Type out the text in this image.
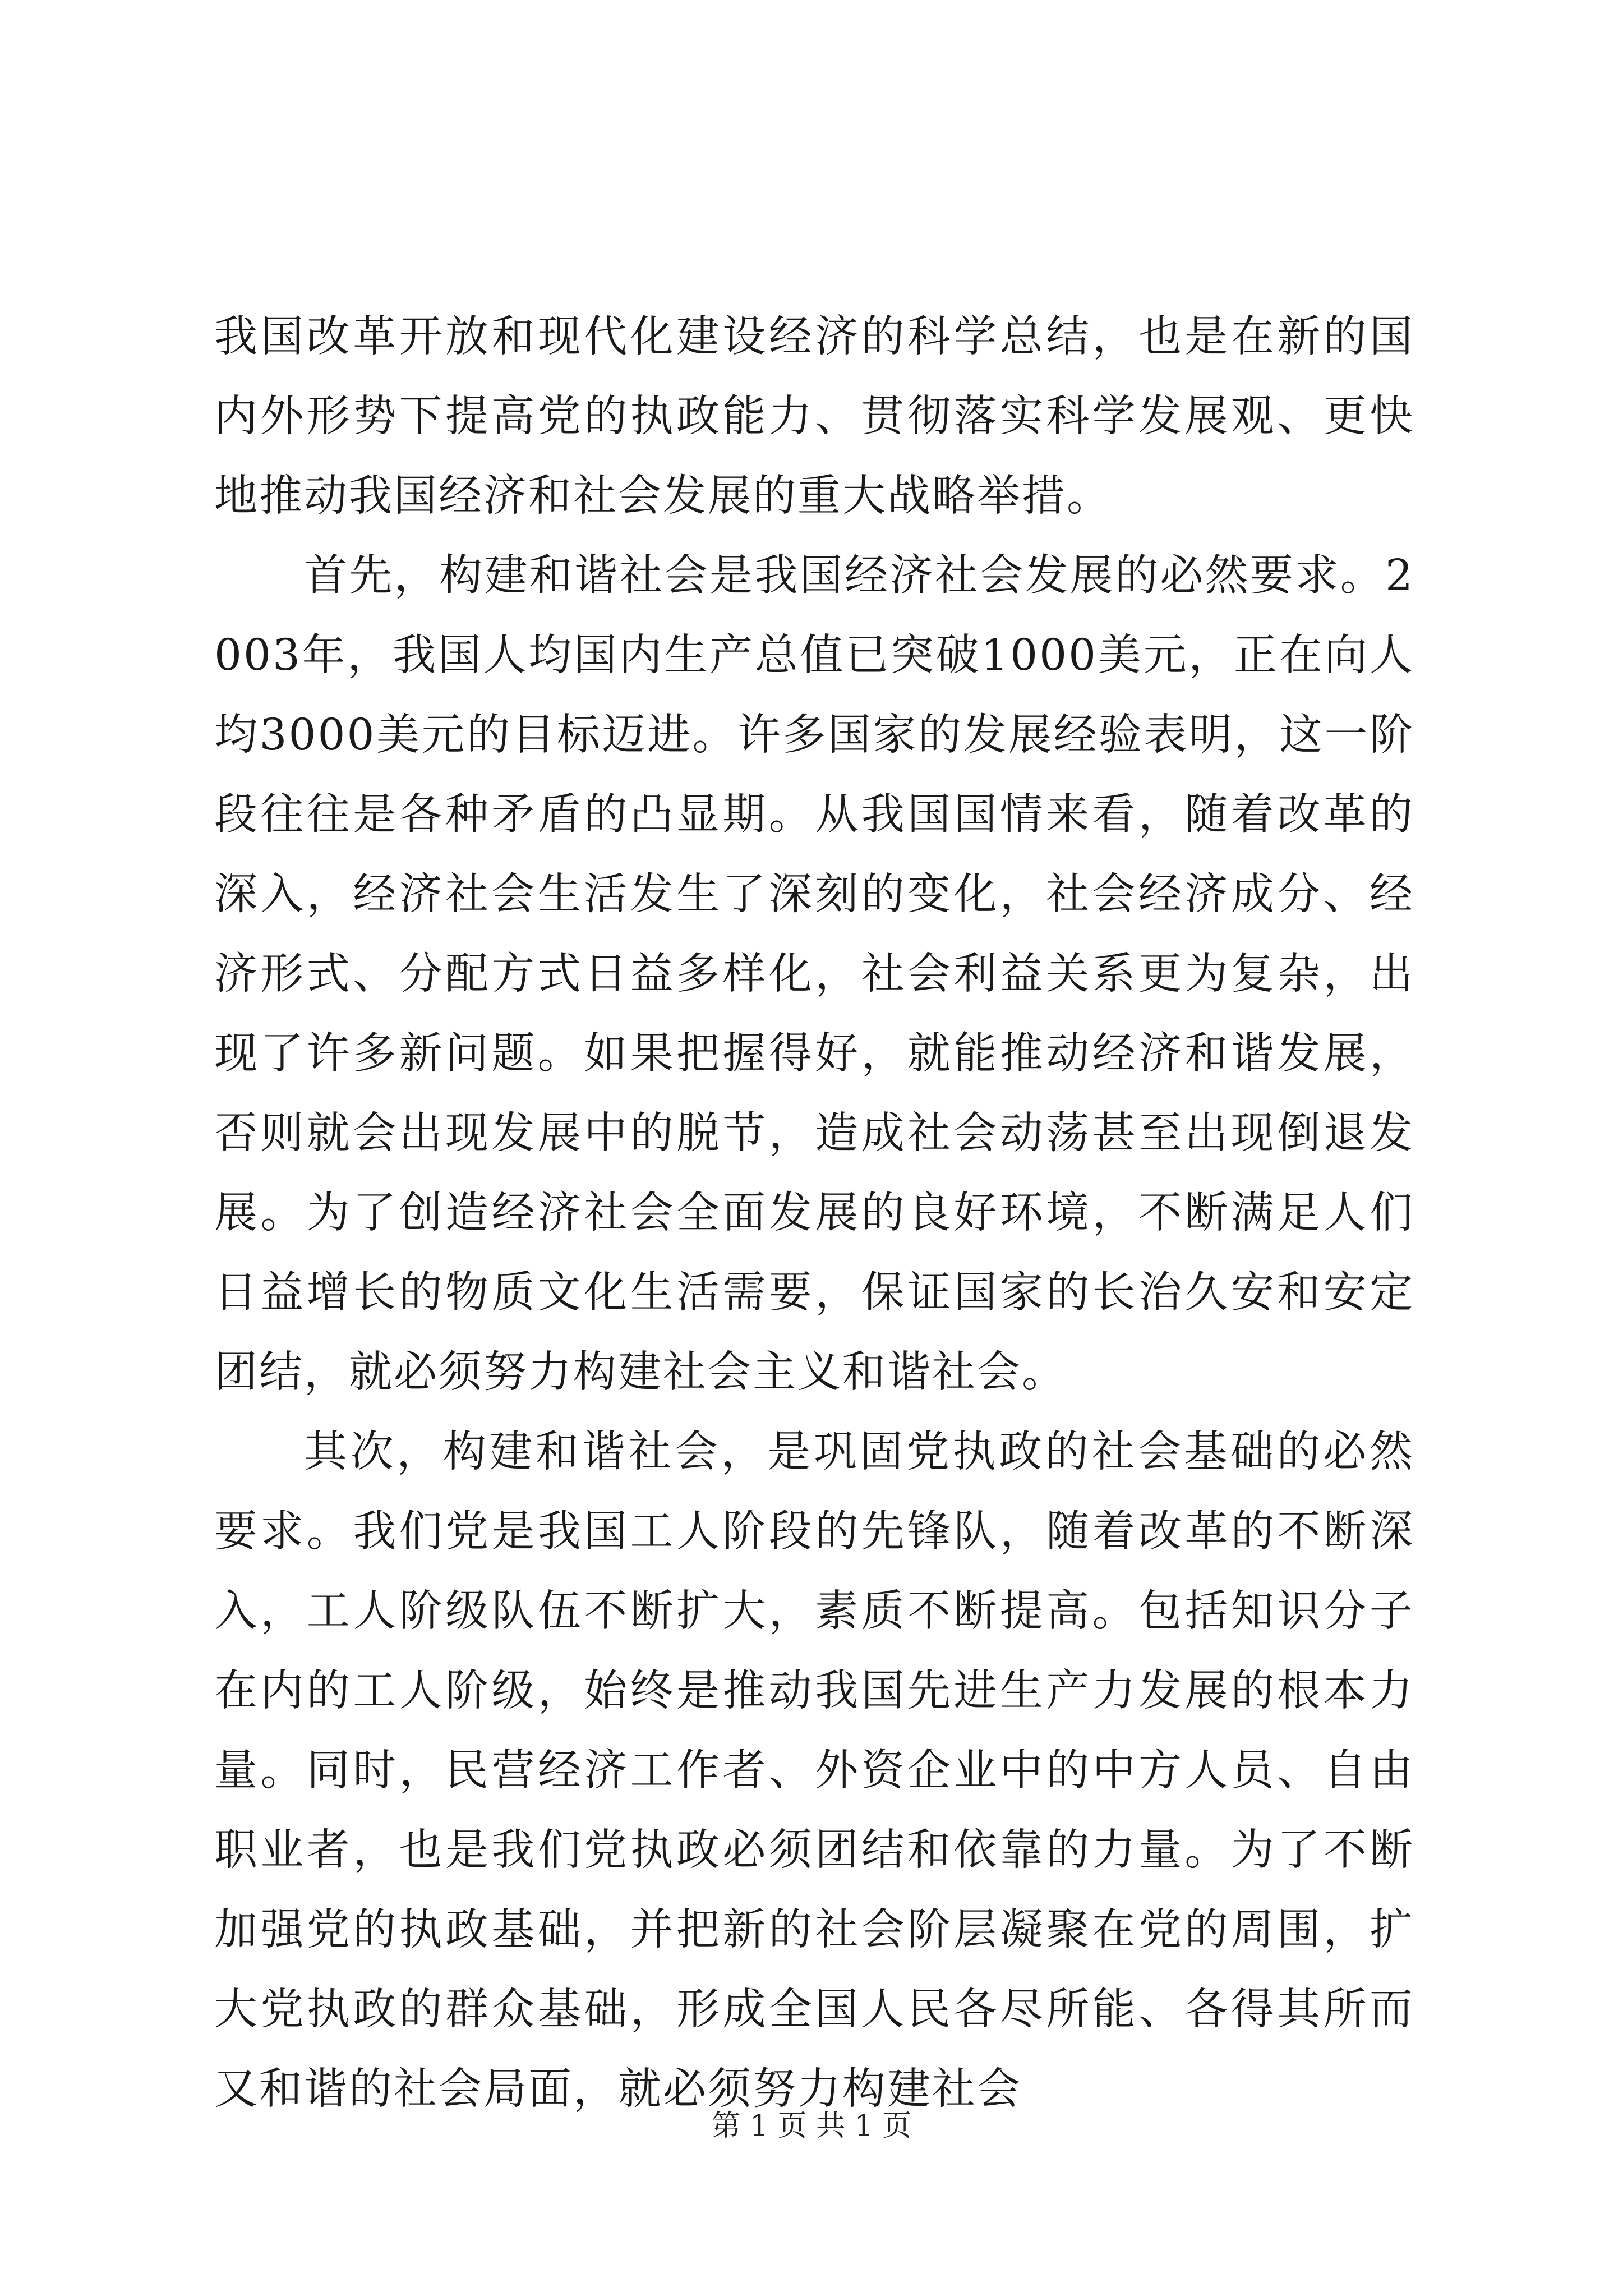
我国改革开放和现代化建设经济的科学总结，也是在新的国内外形势下提高党的执政能力、贯彻落实科学发展观、更快地推动我国经济和社会发展的重大战略举措。

首先，构建和谐社会是我国经济社会发展的必然要求。2003年，我国人均国内生产总值已突破1000美元，正在向人均3000美元的目标迈进。许多国家的发展经验表明，这一阶段往往是各种矛盾的凸显期。从我国国情来看，随着改革的深入，经济社会生活发生了深刻的变化，社会经济成分、经济形式、分配方式日益多样化，社会利益关系更为复杂，出现了许多新问题。如果把握得好，就能推动经济和谐发展，否则就会出现发展中的脱节，造成社会动荡甚至出现倒退发展。为了创造经济社会全面发展的良好环境，不断满足人们日益增长的物质文化生活需要，保证国家的长治久安和安定团结，就必须努力构建社会主义和谐社会。

其次，构建和谐社会，是巩固党执政的社会基础的必然要求。我们党是我国工人阶段的先锋队，随着改革的不断深入，工人阶级队伍不断扩大，素质不断提高。包括知识分子在内的工人阶级，始终是推动我国先进生产力发展的根本力量。同时，民营经济工作者、外资企业中的中方人员、自由职业者，也是我们党执政必须团结和依靠的力量。为了不断加强党的执政基础，并把新的社会阶层凝聚在党的周围，扩大党执政的群众基础，形成全国人民各尽所能、各得其所而又和谐的社会局面，就必须努力构建社会

第 1 页 共 1 页
